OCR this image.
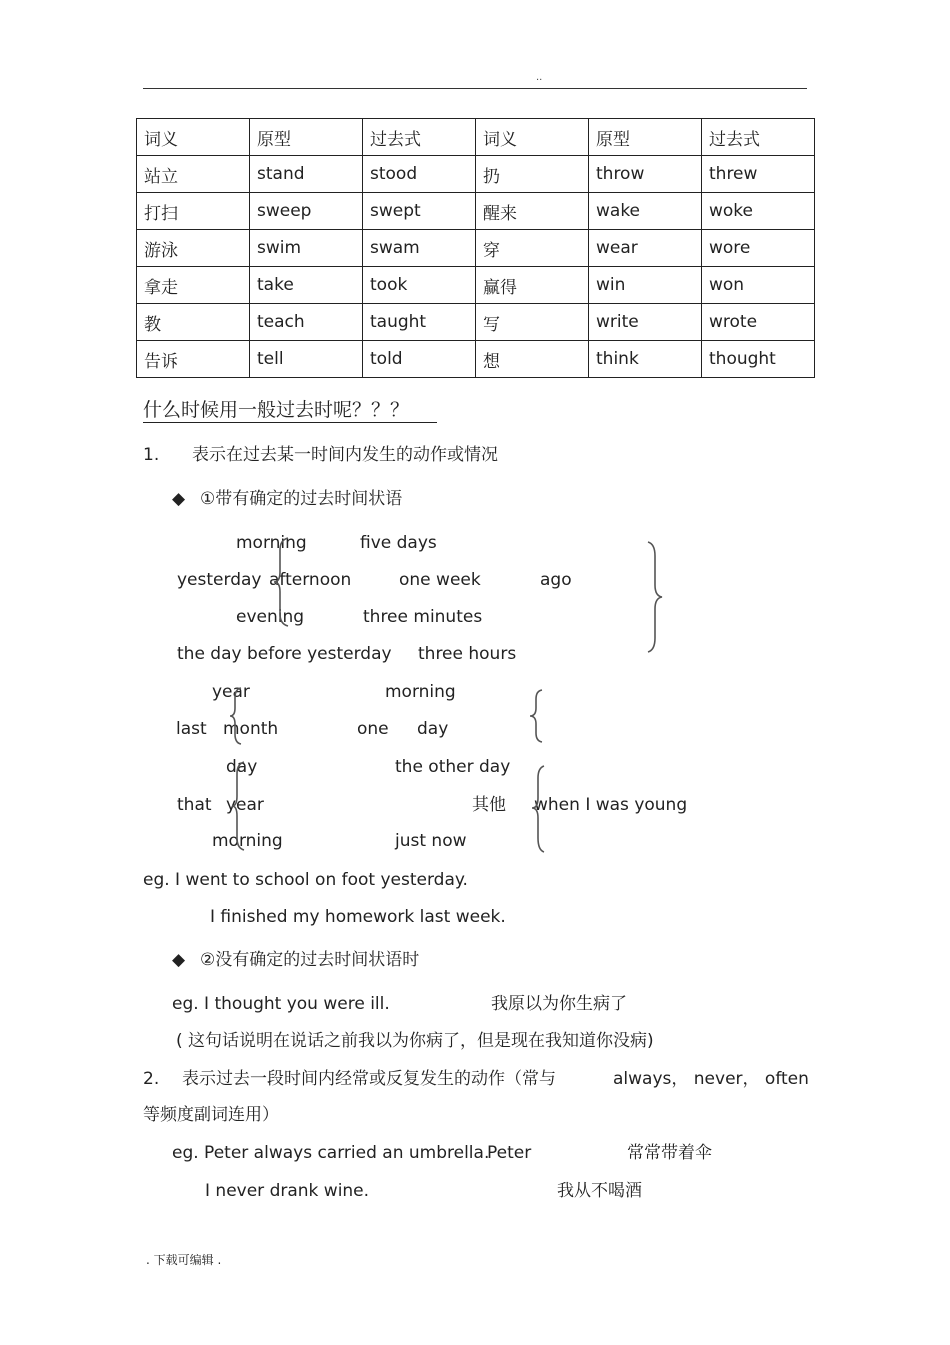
..
词义	原型	过去式	词义	原型	过去式
站立	stand	stood	扔	throw	threw
打扫	sweep	swept	醒来	wake	woke
游泳	swim	swam	穿	wear	wore
拿走	take	took	赢得	win	won
教	teach	taught	写	write	wrote
告诉	tell	told	想	think	thought
什么时候用一般过去时呢？？？
1. 表示在过去某一时间内发生的动作或情况
◆ ①带有确定的过去时间状语
morning	five days
yesterday afternoon	one week	ago
evening	three minutes
the day before yesterday three hours
year	morning
last month	one day
day	the other day
that year	其他 when I was young
morning	just now
eg. I went to school on foot yesterday.
I finished my homework last week.
◆ ②没有确定的过去时间状语时
eg. I thought you were ill.	我原以为你生病了
( 这句话说明在说话之前我以为你病了，但是现在我知道你没病)
2. 表示过去一段时间内经常或反复发生的动作（常与	always， never， often
等频度副词连用）
eg. Peter always carried an umbrella.
Peter	常常带着伞
I never drank wine.	我从不喝酒
. 下载可编辑 .
